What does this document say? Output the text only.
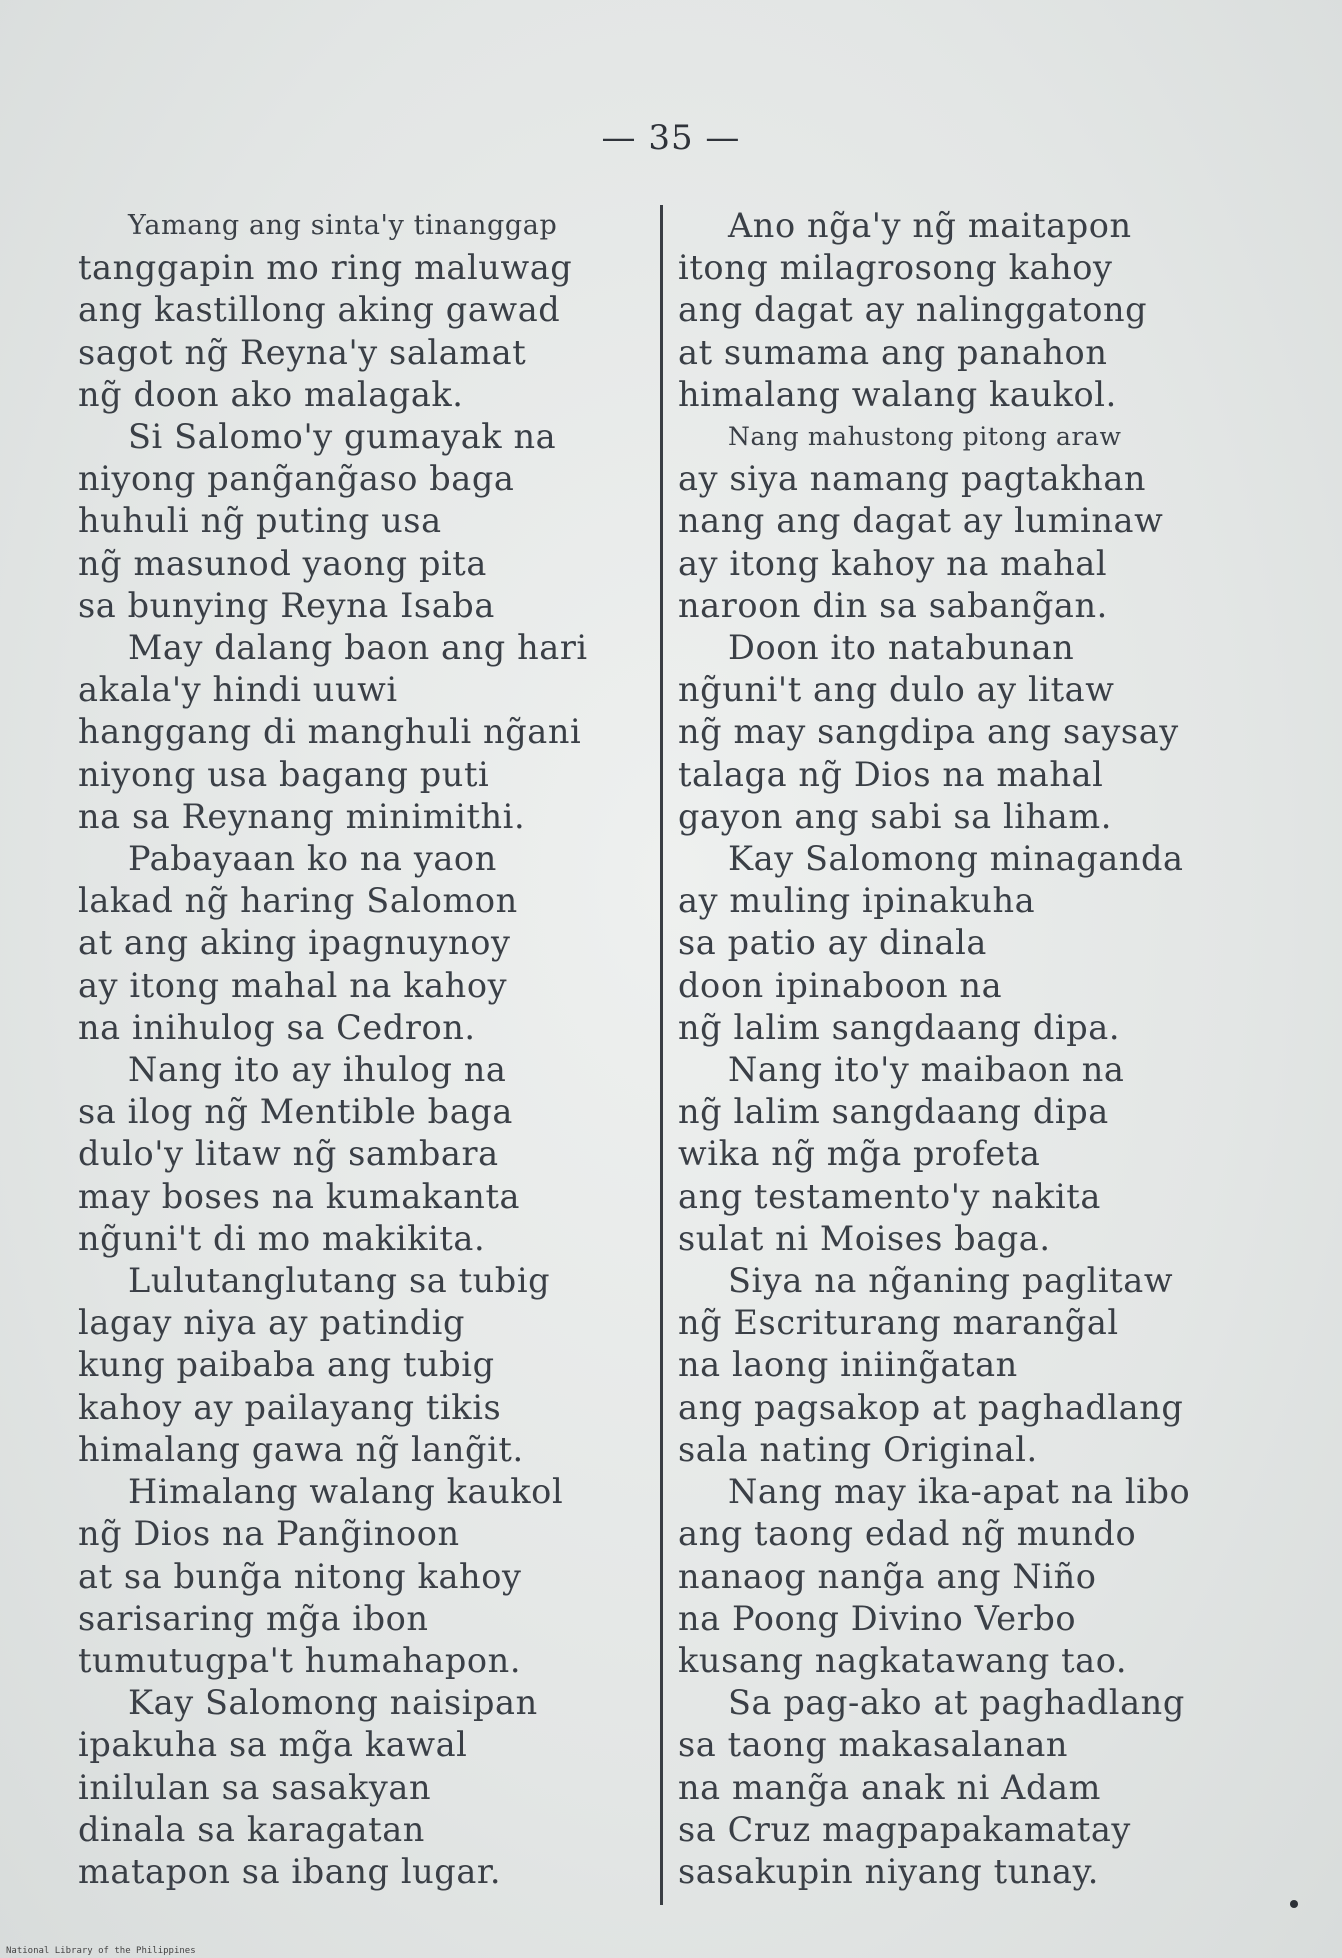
— 35 —
Yamang ang sinta'y tinanggap
tanggapin mo ring maluwag
ang kastillong aking gawad
sagot ng̃ Reyna'y salamat
ng̃ doon ako malagak.
Si Salomo'y gumayak na
niyong pang̃ang̃aso baga
huhuli ng̃ puting usa
ng̃ masunod yaong pita
sa bunying Reyna Isaba
May dalang baon ang hari
akala'y hindi uuwi
hanggang di manghuli ng̃ani
niyong usa bagang puti
na sa Reynang minimithi.
Pabayaan ko na yaon
lakad ng̃ haring Salomon
at ang aking ipagnuynoy
ay itong mahal na kahoy
na inihulog sa Cedron.
Nang ito ay ihulog na
sa ilog ng̃ Mentible baga
dulo'y litaw ng̃ sambara
may boses na kumakanta
ng̃uni't di mo makikita.
Lulutanglutang sa tubig
lagay niya ay patindig
kung paibaba ang tubig
kahoy ay pailayang tikis
himalang gawa ng̃ lang̃it.
Himalang walang kaukol
ng̃ Dios na Pang̃inoon
at sa bung̃a nitong kahoy
sarisaring mg̃a ibon
tumutugpa't humahapon.
Kay Salomong naisipan
ipakuha sa mg̃a kawal
inilulan sa sasakyan
dinala sa karagatan
matapon sa ibang lugar.
Ano ng̃a'y ng̃ maitapon
itong milagrosong kahoy
ang dagat ay nalinggatong
at sumama ang panahon
himalang walang kaukol.
Nang mahustong pitong araw
ay siya namang pagtakhan
nang ang dagat ay luminaw
ay itong kahoy na mahal
naroon din sa sabang̃an.
Doon ito natabunan
ng̃uni't ang dulo ay litaw
ng̃ may sangdipa ang saysay
talaga ng̃ Dios na mahal
gayon ang sabi sa liham.
Kay Salomong minaganda
ay muling ipinakuha
sa patio ay dinala
doon ipinaboon na
ng̃ lalim sangdaang dipa.
Nang ito'y maibaon na
ng̃ lalim sangdaang dipa
wika ng̃ mg̃a profeta
ang testamento'y nakita
sulat ni Moises baga.
Siya na ng̃aning paglitaw
ng̃ Escriturang marang̃al
na laong iniing̃atan
ang pagsakop at paghadlang
sala nating Original.
Nang may ika-apat na libo
ang taong edad ng̃ mundo
nanaog nang̃a ang Niño
na Poong Divino Verbo
kusang nagkatawang tao.
Sa pag-ako at paghadlang
sa taong makasalanan
na mang̃a anak ni Adam
sa Cruz magpapakamatay
sasakupin niyang tunay.
National Library of the Philippines
